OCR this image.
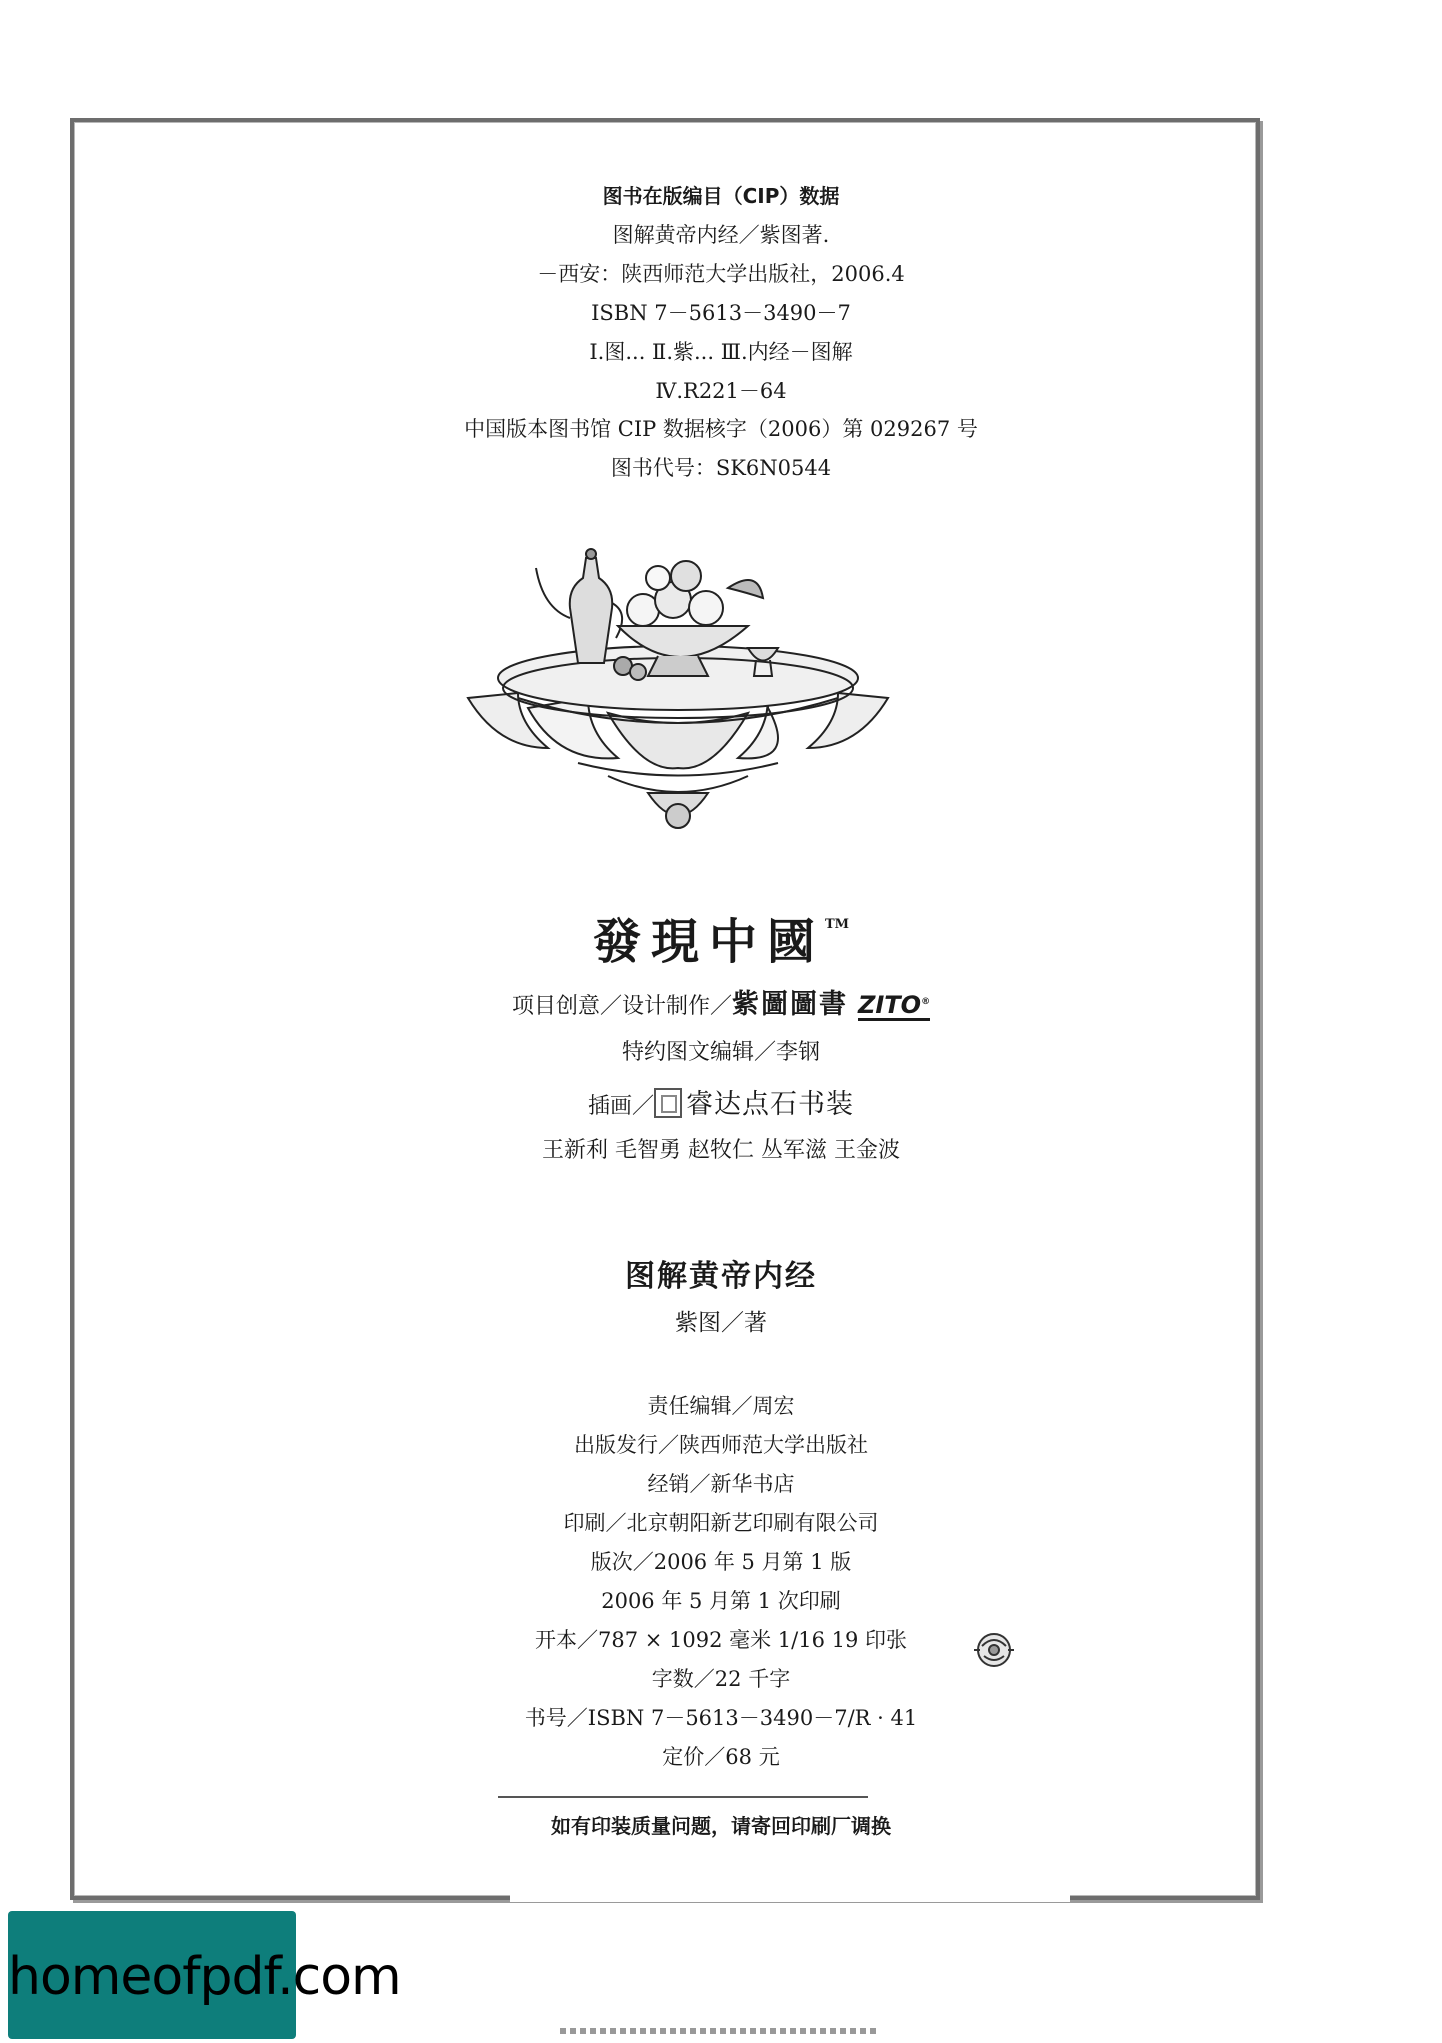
图书在版编目（CIP）数据
图解黄帝内经／紫图著.
－西安：陕西师范大学出版社，2006.4
ISBN 7－5613－3490－7
Ⅰ.图... Ⅱ.紫... Ⅲ.内经－图解
Ⅳ.R221－64
中国版本图书馆 CIP 数据核字（2006）第 029267 号
图书代号：SK6N0544
發現中國™
项目创意／设计制作／紫圖圖書 ZITO®
特约图文编辑／李钢
插画／ 睿达点石书装
王新利 毛智勇 赵牧仁 丛军滋 王金波
图解黄帝内经
紫图／著
责任编辑／周宏
出版发行／陕西师范大学出版社
经销／新华书店
印刷／北京朝阳新艺印刷有限公司
版次／2006 年 5 月第 1 版
2006 年 5 月第 1 次印刷
开本／787 × 1092 毫米 1/16 19 印张
字数／22 千字
书号／ISBN 7－5613－3490－7/R · 41
定价／68 元
如有印装质量问题，请寄回印刷厂调换
homeofpdf.com
